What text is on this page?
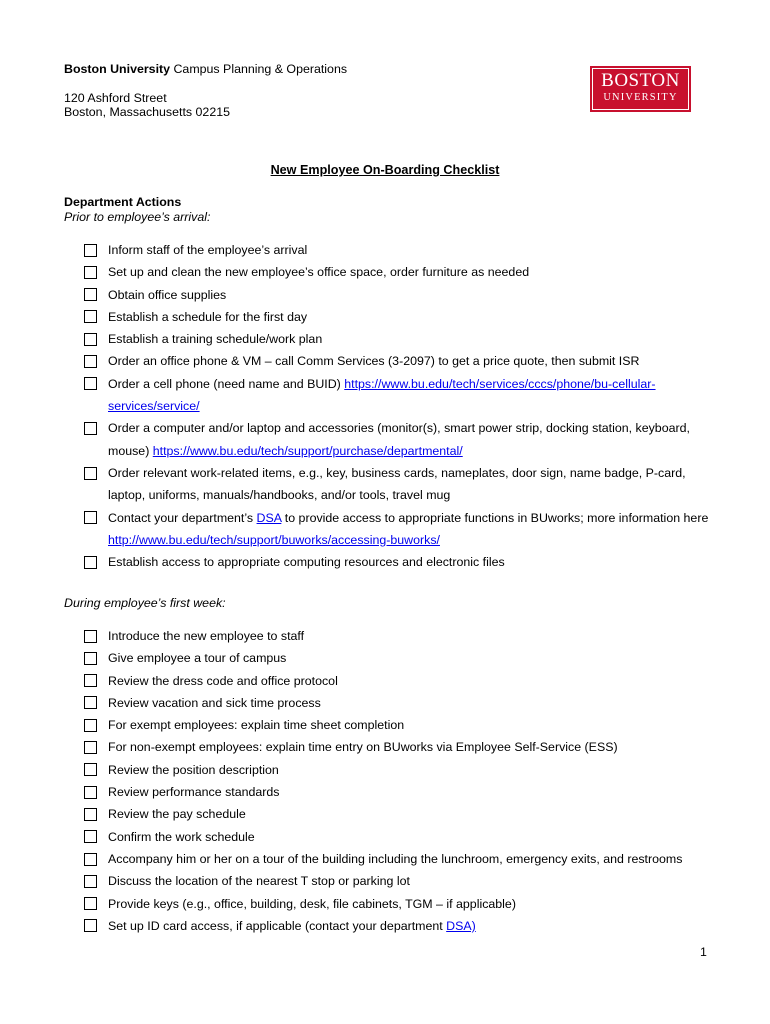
Boston University Campus Planning & Operations
120 Ashford Street
Boston, Massachusetts 02215
BOSTON
UNIVERSITY
New Employee On-Boarding Checklist
Department Actions
Prior to employee’s arrival:
Inform staff of the employee’s arrival
Set up and clean the new employee’s office space, order furniture as needed
Obtain office supplies
Establish a schedule for the first day
Establish a training schedule/work plan
Order an office phone & VM – call Comm Services (3-2097) to get a price quote, then submit ISR
Order a cell phone (need name and BUID) https://www.bu.edu/tech/services/cccs/phone/bu-cellular-services/service/
Order a computer and/or laptop and accessories (monitor(s), smart power strip, docking station, keyboard, mouse) https://www.bu.edu/tech/support/purchase/departmental/
Order relevant work-related items, e.g., key, business cards, nameplates, door sign, name badge, P-card, laptop, uniforms, manuals/handbooks, and/or tools, travel mug
Contact your department’s DSA to provide access to appropriate functions in BUworks; more information here http://www.bu.edu/tech/support/buworks/accessing-buworks/
Establish access to appropriate computing resources and electronic files
During employee’s first week:
Introduce the new employee to staff
Give employee a tour of campus
Review the dress code and office protocol
Review vacation and sick time process
For exempt employees: explain time sheet completion
For non-exempt employees: explain time entry on BUworks via Employee Self-Service (ESS)
Review the position description
Review performance standards
Review the pay schedule
Confirm the work schedule
Accompany him or her on a tour of the building including the lunchroom, emergency exits, and restrooms
Discuss the location of the nearest T stop or parking lot
Provide keys (e.g., office, building, desk, file cabinets, TGM – if applicable)
Set up ID card access, if applicable (contact your department DSA)
1
